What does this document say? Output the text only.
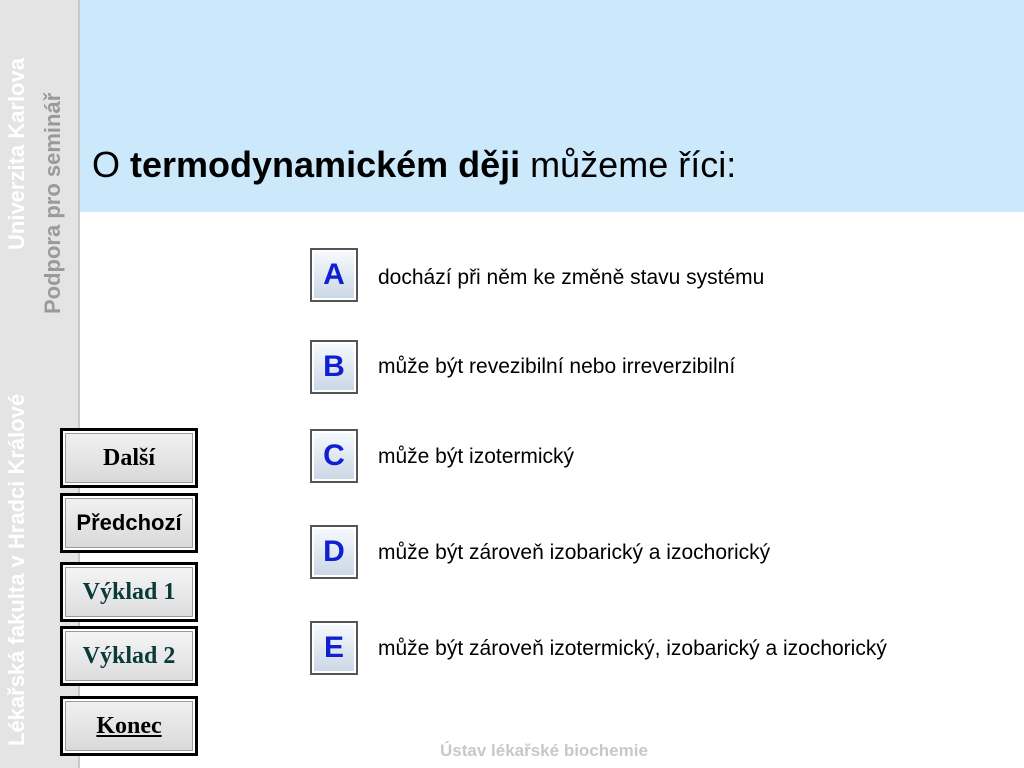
Univerzita Karlova Podpora pro seminář
Lékařská fakulta v Hradci Králové
O termodynamickém ději můžeme říci:
Další
Předchozí
Výklad 1
Výklad 2
Konec
A dochází při něm ke změně stavu systému
B může být revezibilní nebo irreverzibilní
C může být izotermický
D může být zároveň izobarický a izochorický
E může být zároveň izotermický, izobarický a izochorický
Ústav lékařské biochemie
